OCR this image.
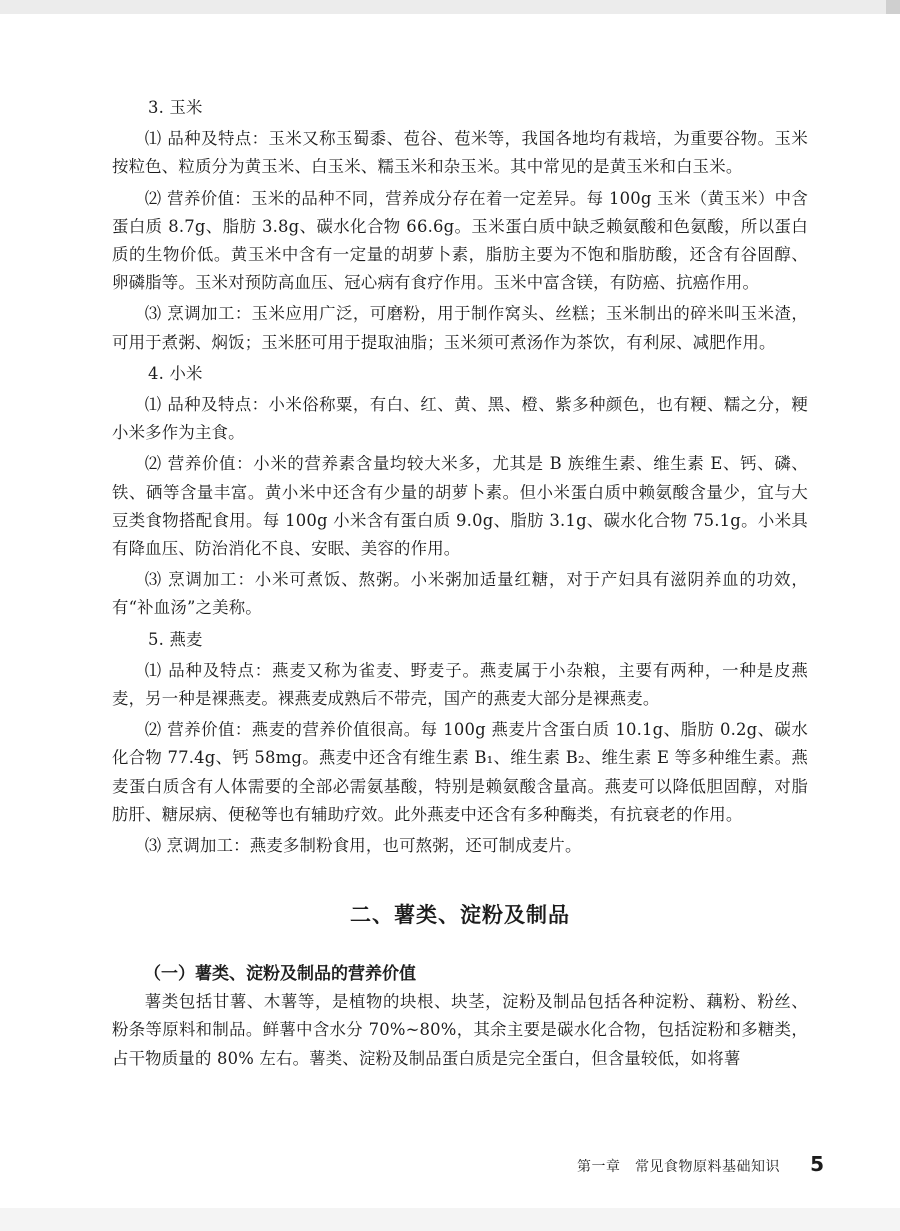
3. 玉米

⑴ 品种及特点：玉米又称玉蜀黍、苞谷、苞米等，我国各地均有栽培，为重要谷物。玉米按粒色、粒质分为黄玉米、白玉米、糯玉米和杂玉米。其中常见的是黄玉米和白玉米。

⑵ 营养价值：玉米的品种不同，营养成分存在着一定差异。每 100g 玉米（黄玉米）中含蛋白质 8.7g、脂肪 3.8g、碳水化合物 66.6g。玉米蛋白质中缺乏赖氨酸和色氨酸，所以蛋白质的生物价低。黄玉米中含有一定量的胡萝卜素，脂肪主要为不饱和脂肪酸，还含有谷固醇、卵磷脂等。玉米对预防高血压、冠心病有食疗作用。玉米中富含镁，有防癌、抗癌作用。

⑶ 烹调加工：玉米应用广泛，可磨粉，用于制作窝头、丝糕；玉米制出的碎米叫玉米渣，可用于煮粥、焖饭；玉米胚可用于提取油脂；玉米须可煮汤作为茶饮，有利尿、减肥作用。

4. 小米

⑴ 品种及特点：小米俗称粟，有白、红、黄、黑、橙、紫多种颜色，也有粳、糯之分，粳小米多作为主食。

⑵ 营养价值：小米的营养素含量均较大米多，尤其是 B 族维生素、维生素 E、钙、磷、铁、硒等含量丰富。黄小米中还含有少量的胡萝卜素。但小米蛋白质中赖氨酸含量少，宜与大豆类食物搭配食用。每 100g 小米含有蛋白质 9.0g、脂肪 3.1g、碳水化合物 75.1g。小米具有降血压、防治消化不良、安眠、美容的作用。

⑶ 烹调加工：小米可煮饭、熬粥。小米粥加适量红糖，对于产妇具有滋阴养血的功效，有“补血汤”之美称。

5. 燕麦

⑴ 品种及特点：燕麦又称为雀麦、野麦子。燕麦属于小杂粮，主要有两种，一种是皮燕麦，另一种是裸燕麦。裸燕麦成熟后不带壳，国产的燕麦大部分是裸燕麦。

⑵ 营养价值：燕麦的营养价值很高。每 100g 燕麦片含蛋白质 10.1g、脂肪 0.2g、碳水化合物 77.4g、钙 58mg。燕麦中还含有维生素 B₁、维生素 B₂、维生素 E 等多种维生素。燕麦蛋白质含有人体需要的全部必需氨基酸，特别是赖氨酸含量高。燕麦可以降低胆固醇，对脂肪肝、糖尿病、便秘等也有辅助疗效。此外燕麦中还含有多种酶类，有抗衰老的作用。

⑶ 烹调加工：燕麦多制粉食用，也可熬粥，还可制成麦片。

二、薯类、淀粉及制品
（一）薯类、淀粉及制品的营养价值

薯类包括甘薯、木薯等，是植物的块根、块茎，淀粉及制品包括各种淀粉、藕粉、粉丝、粉条等原料和制品。鲜薯中含水分 70%~80%，其余主要是碳水化合物，包括淀粉和多糖类，占干物质量的 80% 左右。薯类、淀粉及制品蛋白质是完全蛋白，但含量较低，如将薯

第一章　常见食物原料基础知识 5
